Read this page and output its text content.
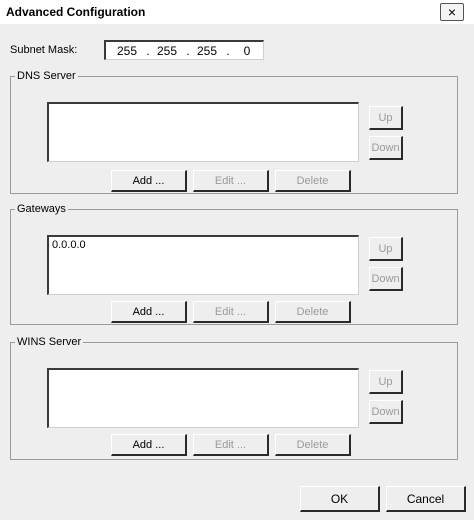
Advanced Configuration	×
Subnet Mask:	255 . 255 . 255 .	0
DNS Server
Up
Down
Add ...	Edit ...	Delete
Gateways
0.0.0.0	Up
Down
Add ...	Edit ...	Delete
WINS Server
Up
Down
Add ...	Edit ...	Delete
OK	Cancel
